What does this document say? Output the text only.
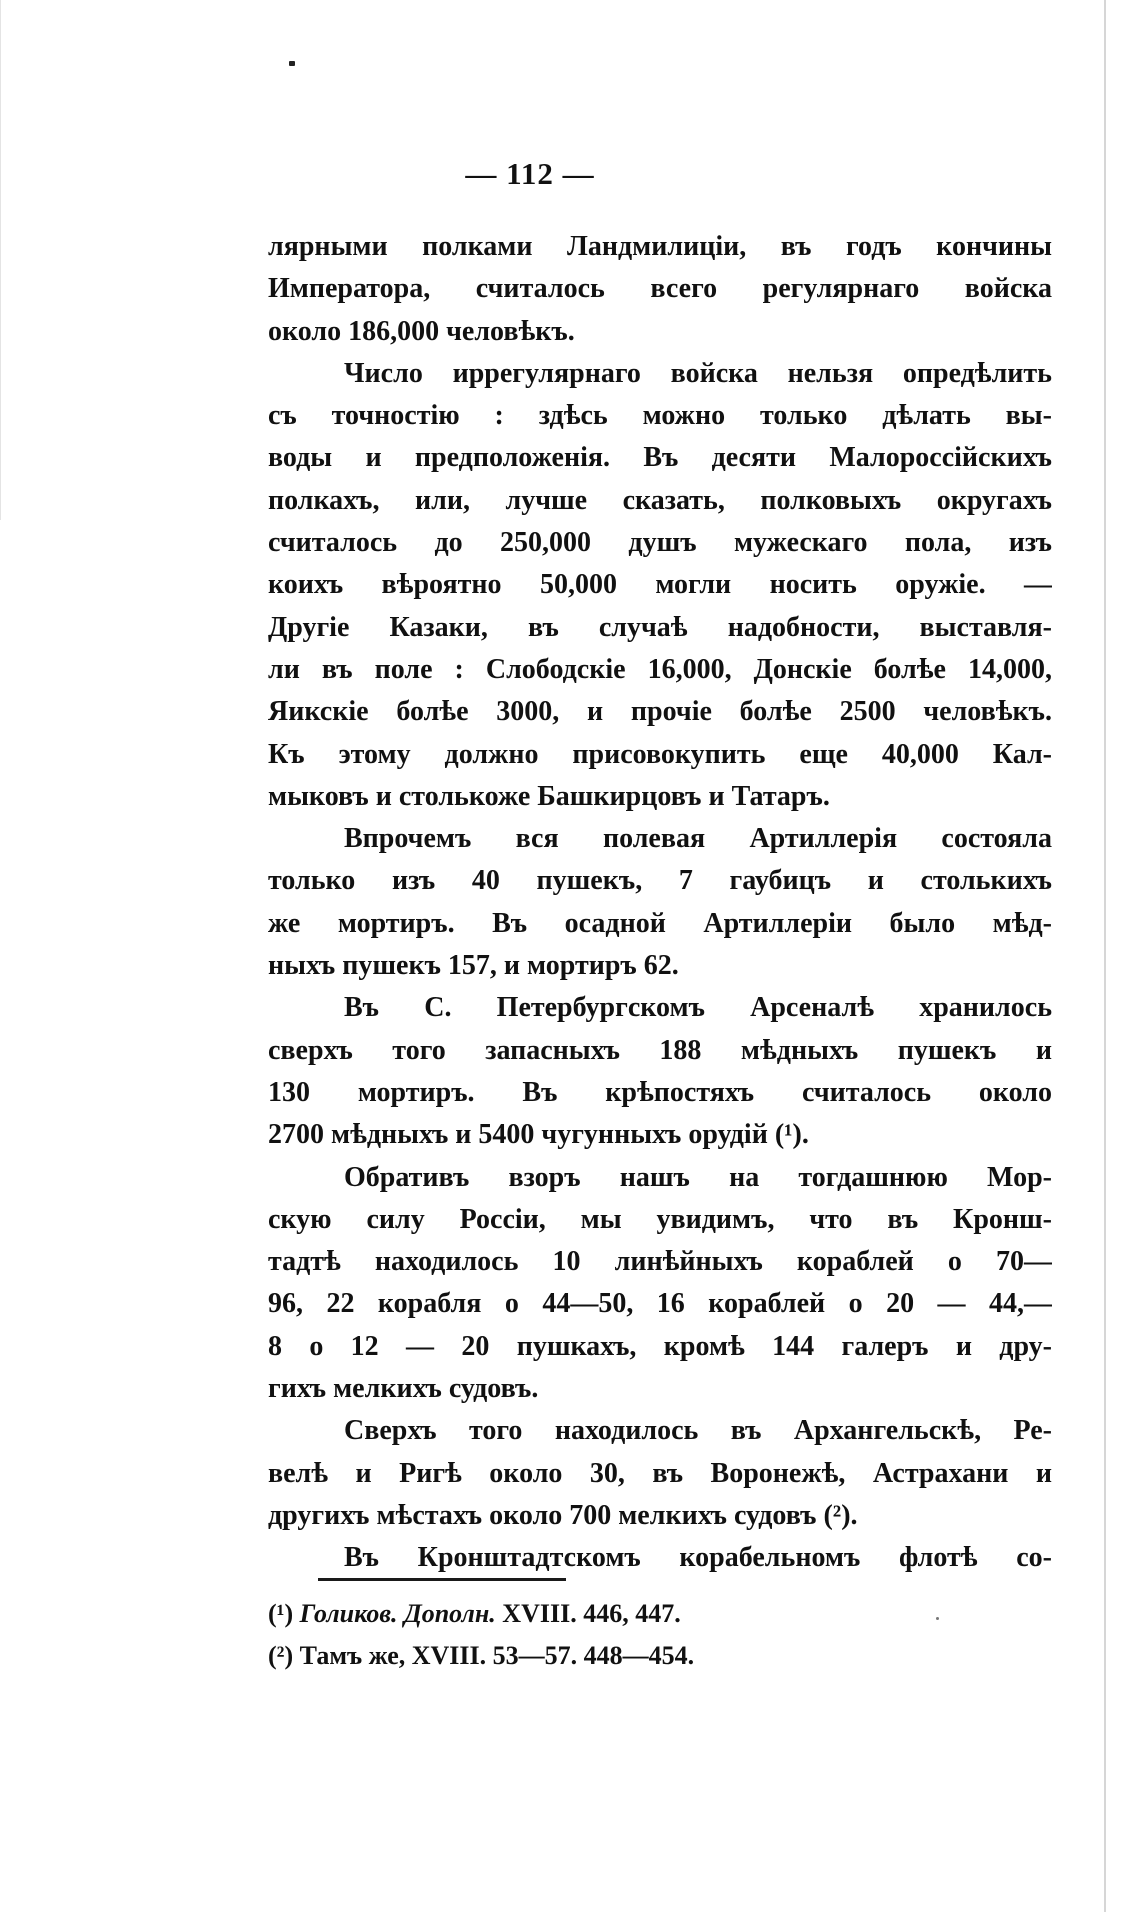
— 112 —
лярными полками Ландмилиціи, въ годъ кончины
Императора, считалось всего регулярнаго войска
около 186,000 человѣкъ.
Число иррегулярнаго войска нельзя опредѣлить
съ точностію : здѣсь можно только дѣлать вы-
воды и предположенія. Въ десяти Малороссійскихъ
полкахъ, или, лучше сказать, полковыхъ округахъ
считалось до 250,000 душъ мужескаго пола, изъ
коихъ вѣроятно 50,000 могли носить оружіе. —
Другіе Казаки, въ случаѣ надобности, выставля-
ли въ поле : Слободскіе 16,000, Донскіе болѣе 14,000,
Яикскіе болѣе 3000, и прочіе болѣе 2500 человѣкъ.
Къ этому должно присовокупить еще 40,000 Кал-
мыковъ и столькоже Башкирцовъ и Татаръ.
Впрочемъ вся полевая Артиллерія состояла
только изъ 40 пушекъ, 7 гаубицъ и столькихъ
же мортиръ. Въ осадной Артиллеріи было мѣд-
ныхъ пушекъ 157, и мортиръ 62.
Въ С. Петербургскомъ Арсеналѣ хранилось
сверхъ того запасныхъ 188 мѣдныхъ пушекъ и
130 мортиръ. Въ крѣпостяхъ считалось около
2700 мѣдныхъ и 5400 чугунныхъ орудій (¹).
Обративъ взоръ нашъ на тогдашнюю Мор-
скую силу Россіи, мы увидимъ, что въ Кронш-
тадтѣ находилось 10 линѣйныхъ кораблей о 70—
96, 22 корабля о 44—50, 16 кораблей о 20 — 44,—
8 о 12 — 20 пушкахъ, кромѣ 144 галеръ и дру-
гихъ мелкихъ судовъ.
Сверхъ того находилось въ Архангельскѣ, Ре-
велѣ и Ригѣ около 30, въ Воронежѣ, Астрахани и
другихъ мѣстахъ около 700 мелкихъ судовъ (²).
Въ Кронштадтскомъ корабельномъ флотѣ со-
(¹) Голиков. Дополн. XVIII. 446, 447.
(²) Тамъ же, XVIII. 53—57. 448—454.
